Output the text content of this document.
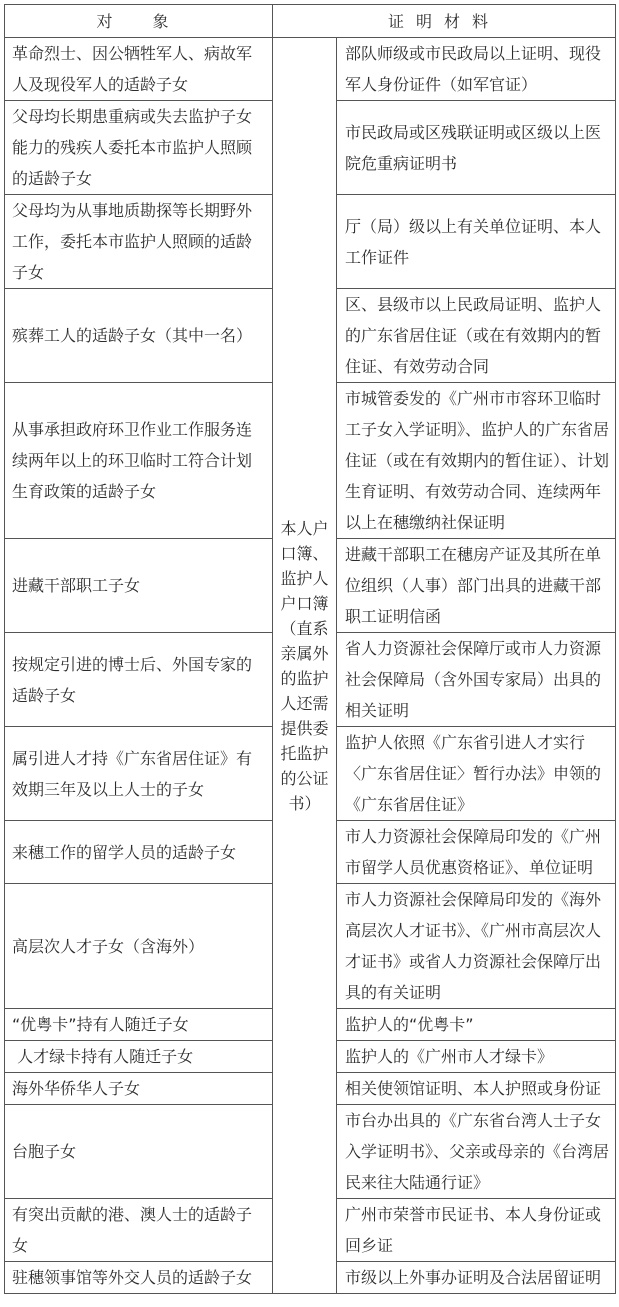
对　象	证明材料	
革命烈士、因公牺牲军人、病故军人及现役军人的适龄子女	本人户口簿、监护人户口簿（直系亲属外的监护人还需提供委托监护的公证书）	部队师级或市民政局以上证明、现役军人身份证件（如军官证）
父母均长期患重病或失去监护子女能力的残疾人委托本市监护人照顾的适龄子女		市民政局或区残联证明或区级以上医院危重病证明书
父母均为从事地质勘探等长期野外工作，委托本市监护人照顾的适龄子女		厅（局）级以上有关单位证明、本人工作证件
殡葬工人的适龄子女（其中一名）		区、县级市以上民政局证明、监护人的广东省居住证（或在有效期内的暂住证、有效劳动合同
从事承担政府环卫作业工作服务连续两年以上的环卫临时工符合计划生育政策的适龄子女		市城管委发的《广州市市容环卫临时工子女入学证明》、监护人的广东省居住证（或在有效期内的暂住证）、计划生育证明、有效劳动合同、连续两年以上在穗缴纳社保证明
进藏干部职工子女		进藏干部职工在穗房产证及其所在单位组织（人事）部门出具的进藏干部职工证明信函
按规定引进的博士后、外国专家的适龄子女		省人力资源社会保障厅或市人力资源社会保障局（含外国专家局）出具的相关证明
属引进人才持《广东省居住证》有效期三年及以上人士的子女		监护人依照《广东省引进人才实行〈广东省居住证〉暂行办法》申领的《广东省居住证》
来穗工作的留学人员的适龄子女		市人力资源社会保障局印发的《广州市留学人员优惠资格证》、单位证明
高层次人才子女（含海外）		市人力资源社会保障局印发的《海外高层次人才证书》、《广州市高层次人才证书》或省人力资源社会保障厅出具的有关证明
“优粤卡”持有人随迁子女		监护人的“优粤卡”
人才绿卡持有人随迁子女		监护人的《广州市人才绿卡》
海外华侨华人子女		相关使领馆证明、本人护照或身份证
台胞子女		市台办出具的《广东省台湾人士子女入学证明书》、父亲或母亲的《台湾居民来往大陆通行证》
有突出贡献的港、澳人士的适龄子女		广州市荣誉市民证书、本人身份证或回乡证
驻穗领事馆等外交人员的适龄子女		市级以上外事办证明及合法居留证明
